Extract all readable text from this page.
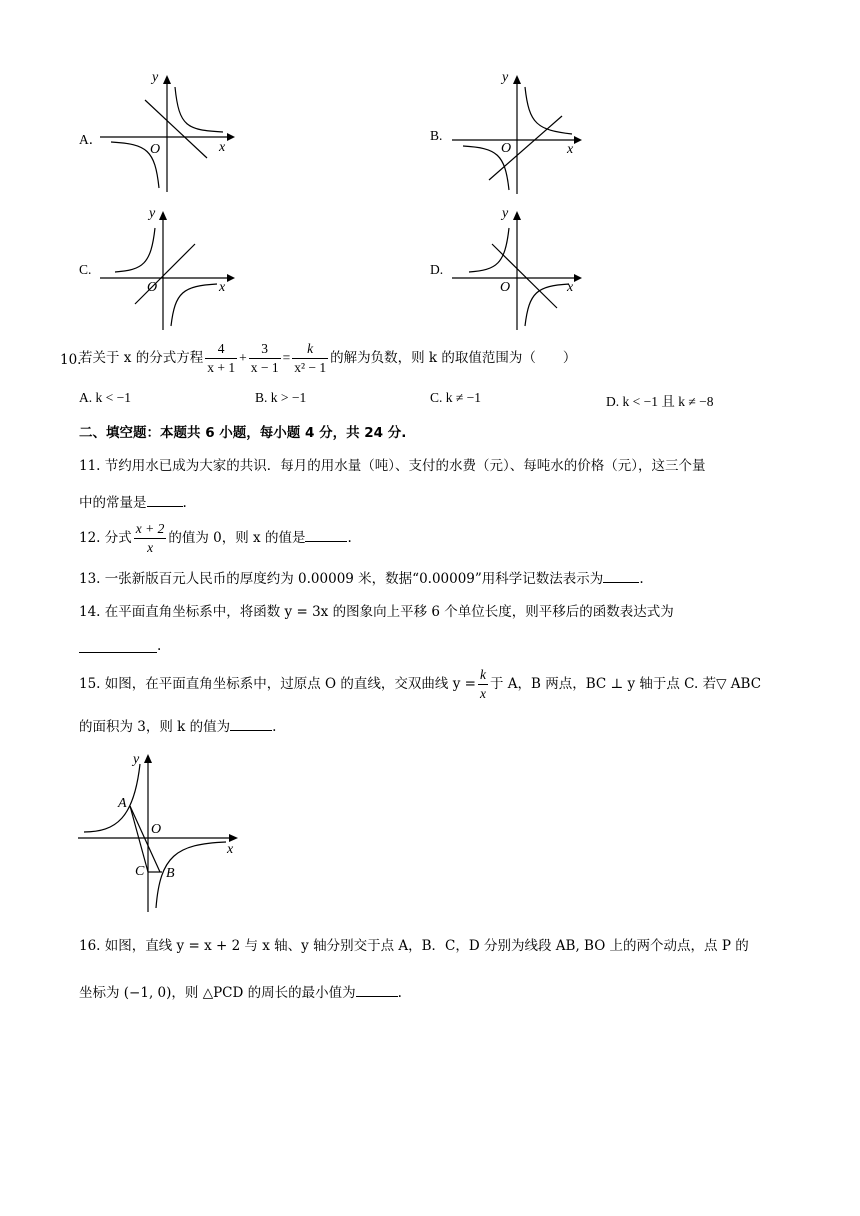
A．
y
x
O
B.
y
x
O
C.
y
x
O
D.
y
x
O
若关于 x 的分式方程 $\frac{4}{x + 1} + \frac{3}{x - 1} = \frac{k}{\text{x² − 1}}$ 的解为负数，则 k 的取值范围为（　　）
10.
A. k < −1	B. k > −1	C. k ≠ −1	D. k < −1 且 k ≠ −8
二、填空题：本题共 6 小题，每小题 4 分，共 24 分.
11. 节约用水已成为大家的共识．每月的用水量（吨）、支付的水费（元）、每吨水的价格（元），这三个量
中的常量是	.
12. 分式 $\frac{x + 2}{x}$ 的值为 0，则 x 的值是	.
13. 一张新版百元人民币的厚度约为 0.00009 米，数据“0.00009”用科学记数法表示为	.
14. 在平面直角坐标系中，将函数 y = 3x 的图象向上平移 6 个单位长度，则平移后的函数表达式为
.
15. 如图，在平面直角坐标系中，过原点 O 的直线，交双曲线 $y = \frac{k}{x}$ 于 A，B 两点，BC ⊥ y 轴于点 C. 若▽ ABC
的面积为 3，则 k 的值为	.
y
x
O
A
C B
16. 如图，直线 y = x + 2 与 x 轴、y 轴分别交于点 A，B．C，D 分别为线段 AB, BO 上的两个动点，点 P 的
坐标为 (−1, 0)，则 △PCD 的周长的最小值为	.
